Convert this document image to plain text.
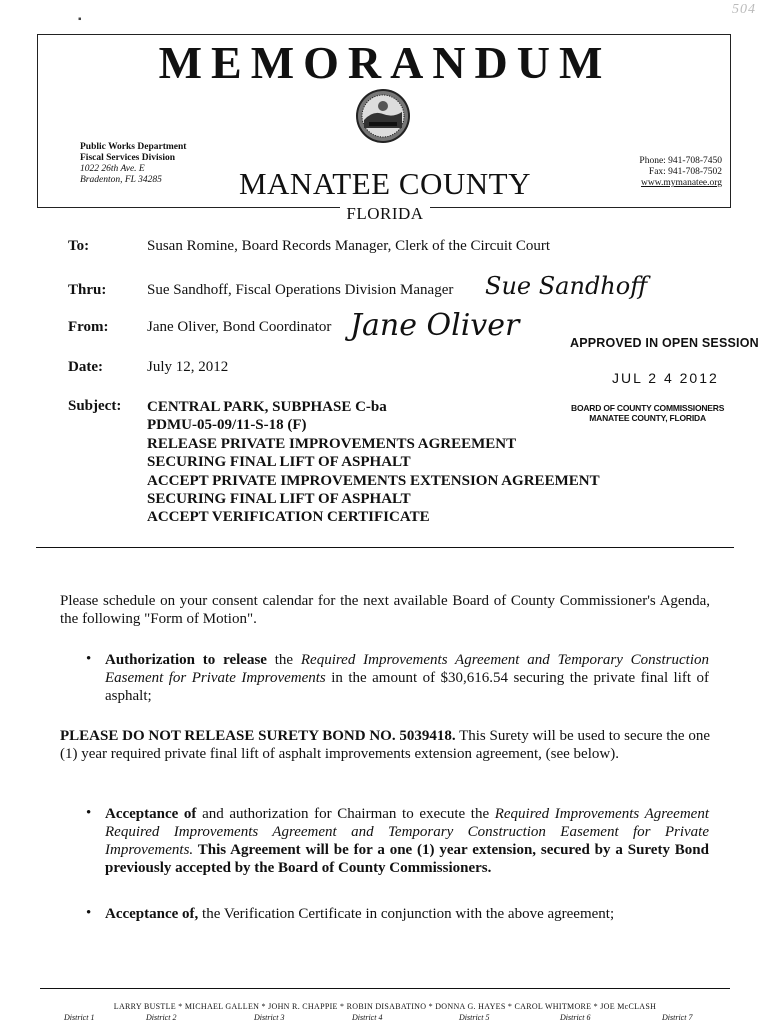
504
▪
MEMORANDUM
Public Works Department
Fiscal Services Division
1022 26th Ave. E
Bradenton, FL 34285
Phone: 941-708-7450
Fax: 941-708-7502
www.mymanatee.org
MANATEE COUNTY
FLORIDA
To:	Susan Romine, Board Records Manager, Clerk of the Circuit Court
Thru:	Sue Sandhoff, Fiscal Operations Division Manager Sue Sandhoff
From:	Jane Oliver, Bond Coordinator Jane Oliver
Date:	July 12, 2012
Subject: CENTRAL PARK, SUBPHASE C-ba
PDMU-05-09/11-S-18 (F)
RELEASE PRIVATE IMPROVEMENTS AGREEMENT
SECURING FINAL LIFT OF ASPHALT
ACCEPT PRIVATE IMPROVEMENTS EXTENSION AGREEMENT
SECURING FINAL LIFT OF ASPHALT
ACCEPT VERIFICATION CERTIFICATE
APPROVED IN OPEN SESSION
JUL 2 4 2012
BOARD OF COUNTY COMMISSIONERS
MANATEE COUNTY, FLORIDA
Please schedule on your consent calendar for the next available Board of County Commissioner's Agenda, the following "Form of Motion".
• Authorization to release the Required Improvements Agreement and Temporary Construction Easement for Private Improvements in the amount of $30,616.54 securing the private final lift of asphalt;
PLEASE DO NOT RELEASE SURETY BOND NO. 5039418. This Surety will be used to secure the one (1) year required private final lift of asphalt improvements extension agreement, (see below).
• Acceptance of and authorization for Chairman to execute the Required Improvements Agreement Required Improvements Agreement and Temporary Construction Easement for Private Improvements. This Agreement will be for a one (1) year extension, secured by a Surety Bond previously accepted by the Board of County Commissioners.
• Acceptance of, the Verification Certificate in conjunction with the above agreement;
LARRY BUSTLE * MICHAEL GALLEN * JOHN R. CHAPPIE * ROBIN DISABATINO * DONNA G. HAYES * CAROL WHITMORE * JOE McCLASH
District 1	District 2	District 3	District 4	District 5	District 6	District 7
